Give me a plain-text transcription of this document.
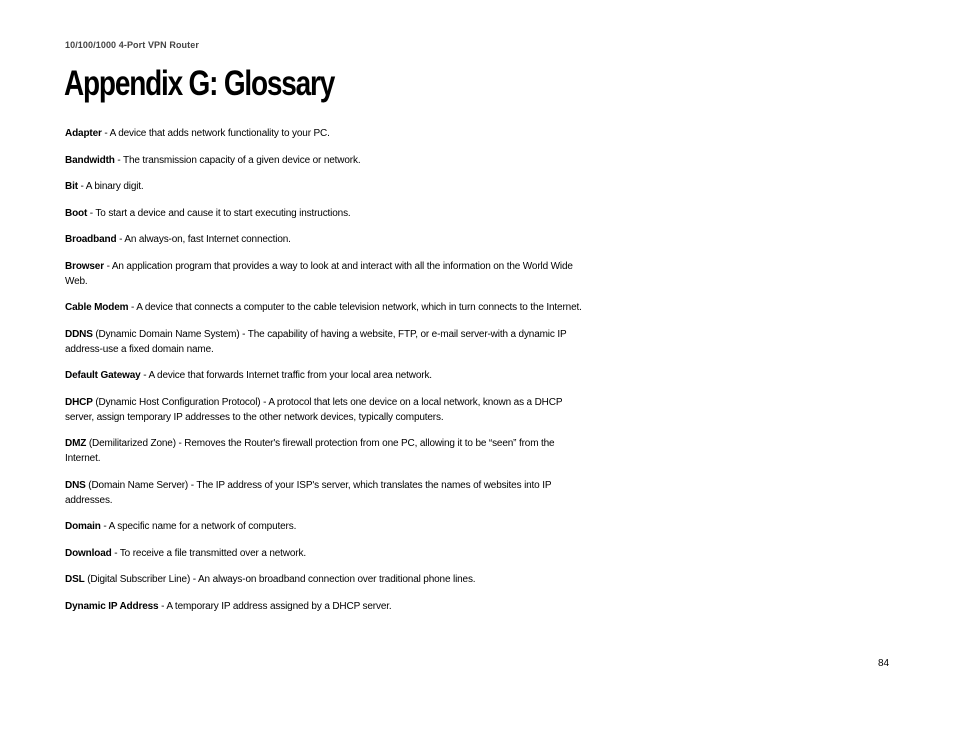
10/100/1000 4-Port VPN Router
Appendix G: Glossary

Adapter - A device that adds network functionality to your PC.

Bandwidth - The transmission capacity of a given device or network.

Bit - A binary digit.

Boot - To start a device and cause it to start executing instructions.

Broadband - An always-on, fast Internet connection.

Browser - An application program that provides a way to look at and interact with all the information on the World Wide Web.

Cable Modem - A device that connects a computer to the cable television network, which in turn connects to the Internet.

DDNS (Dynamic Domain Name System) - The capability of having a website, FTP, or e-mail server-with a dynamic IP address-use a fixed domain name.

Default Gateway - A device that forwards Internet traffic from your local area network.

DHCP (Dynamic Host Configuration Protocol) - A protocol that lets one device on a local network, known as a DHCP server, assign temporary IP addresses to the other network devices, typically computers.

DMZ (Demilitarized Zone) - Removes the Router's firewall protection from one PC, allowing it to be “seen” from the Internet.

DNS (Domain Name Server) - The IP address of your ISP's server, which translates the names of websites into IP addresses.

Domain - A specific name for a network of computers.

Download - To receive a file transmitted over a network.

DSL (Digital Subscriber Line) - An always-on broadband connection over traditional phone lines.

Dynamic IP Address - A temporary IP address assigned by a DHCP server.

84
